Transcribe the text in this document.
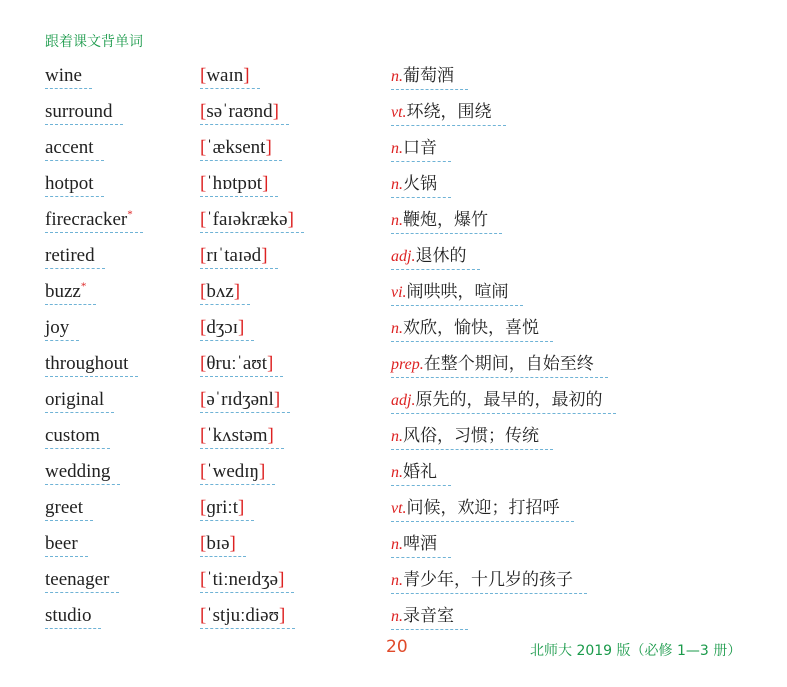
跟着课文背单词
wine	[waɪn]	n.葡萄酒
surround	[səˈraʊnd]	vt.环绕，围绕
accent	[ˈæksent]	n.口音
hotpot	[ˈhɒtpɒt]	n.火锅
firecracker*	[ˈfaɪəkrækə]	n.鞭炮，爆竹
retired	[rɪˈtaɪəd]	adj.退休的
buzz*	[bʌz]	vi.闹哄哄，喧闹
joy	[dʒɔɪ]	n.欢欣，愉快，喜悦
throughout	[θruːˈaʊt]	prep.在整个期间，自始至终
original	[əˈrɪdʒənl]	adj.原先的，最早的，最初的
custom	[ˈkʌstəm]	n.风俗，习惯；传统
wedding	[ˈwedɪŋ]	n.婚礼
greet	[ɡriːt]	vt.问候，欢迎；打招呼
beer	[bɪə]	n.啤酒
teenager	[ˈtiːneɪdʒə]	n.青少年，十几岁的孩子
studio	[ˈstjuːdiəʊ]	n.录音室
20	北师大 2019 版（必修 1—3 册）
